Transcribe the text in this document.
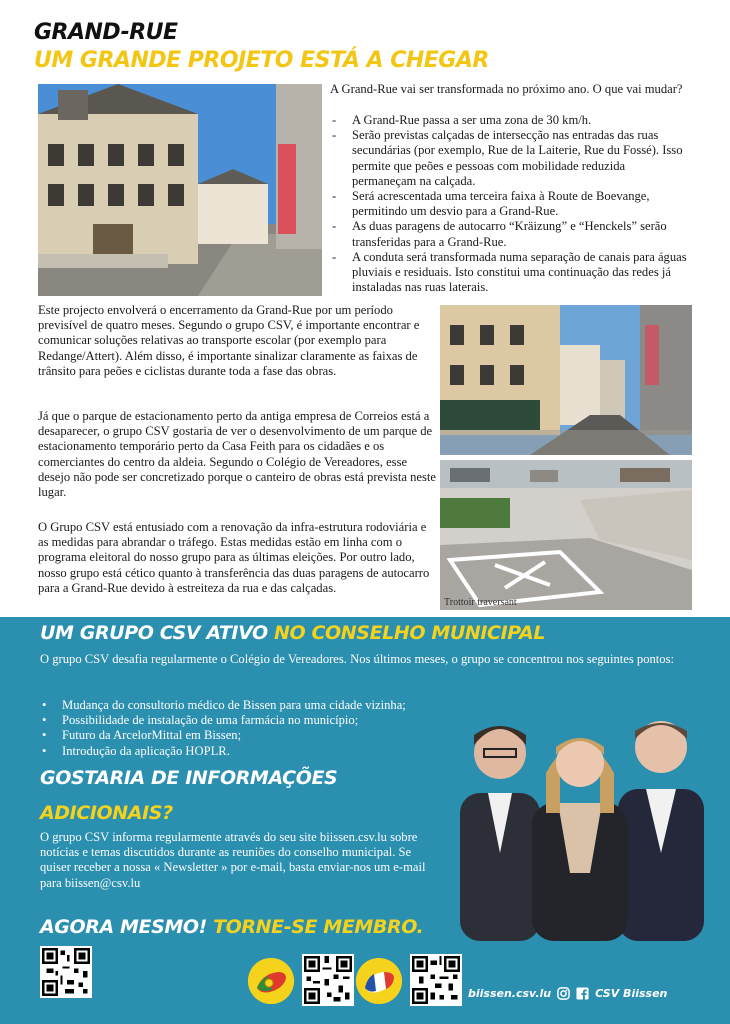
GRAND-RUE
UM GRANDE PROJETO ESTÁ A CHEGAR
A Grand-Rue vai ser transformada no próximo ano. O que vai mudar?
- A Grand-Rue passa a ser uma zona de 30 km/h.
- Serão previstas calçadas de intersecção nas entradas das ruas secundárias (por exemplo, Rue de la Laiterie, Rue du Fossé). Isso permite que peões e pessoas com mobilidade reduzida permaneçam na calçada.
- Será acrescentada uma terceira faixa à Route de Boevange, permitindo um desvio para a Grand-Rue.
- As duas paragens de autocarro “Kräizung” e “Henckels” serão transferidas para a Grand-Rue.
- A conduta será transformada numa separação de canais para águas pluviais e residuais. Isto constitui uma continuação das redes já instaladas nas ruas laterais.

Este projecto envolverá o encerramento da Grand-Rue por um período previsível de quatro meses. Segundo o grupo CSV, é importante encontrar e comunicar soluções relativas ao transporte escolar (por exemplo para Redange/Attert). Além disso, é importante sinalizar claramente as faixas de trânsito para peões e ciclistas durante toda a fase das obras.

Já que o parque de estacionamento perto da antiga empresa de Correios está a desaparecer, o grupo CSV gostaria de ver o desenvolvimento de um parque de estacionamento temporário perto da Casa Feith para os cidadães e os comerciantes do centro da aldeia. Segundo o Colégio de Vereadores, esse desejo não pode ser concretizado porque o canteiro de obras está prevista neste lugar.

O Grupo CSV está entusiado com a renovação da infra-estrutura rodoviária e as medidas para abrandar o tráfego. Estas medidas estão em linha com o programa eleitoral do nosso grupo para as últimas eleições. Por outro lado, nosso grupo está cético quanto à transferência das duas paragens de autocarro para a Grand-Rue devido à estreiteza da rua e das calçadas.

Trottoir traversant
UM GRUPO CSV ATIVO NO CONSELHO MUNICIPAL

O grupo CSV desafia regularmente o Colégio de Vereadores. Nos últimos meses, o grupo se concentrou nos seguintes pontos:

• Mudança do consultorio médico de Bissen para uma cidade vizinha;
• Possibilidade de instalação de uma farmácia no município;
• Futuro da ArcelorMittal em Bissen;
• Introdução da aplicação HOPLR.
GOSTARIA DE INFORMAÇÕES
ADICIONAIS?

O grupo CSV informa regularmente através do seu site biissen.csv.lu sobre notícias e temas discutidos durante as reuniões do conselho municipal. Se quiser receber a nossa « Newsletter » por e-mail, basta enviar-nos um e-mail para biissen@csv.lu

AGORA MESMO! TORNE-SE MEMBRO.
biissen.csv.lu	CSV Biissen
